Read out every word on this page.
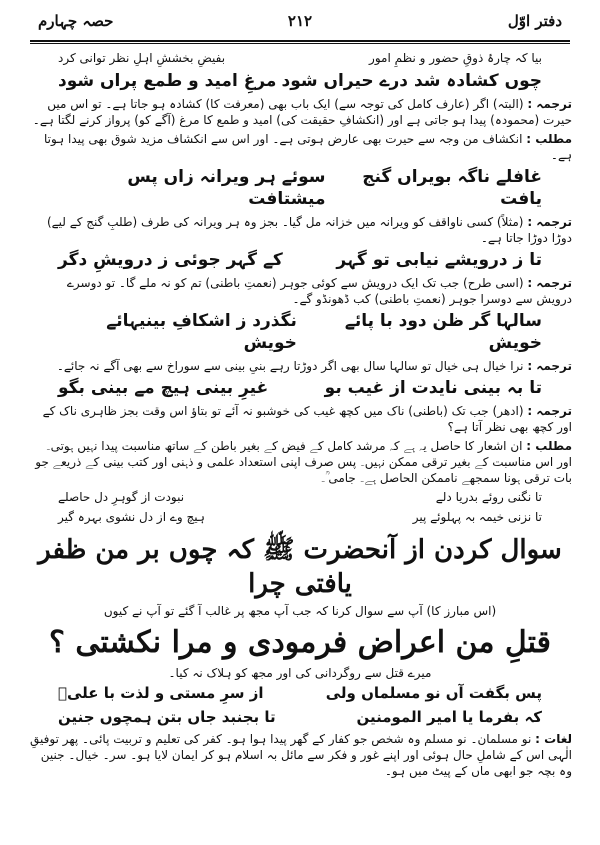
حصہ چہارم	۲۱۲	دفتر اوّل
بیا کہ چارۂ ذوقِ حضور و نظمِ امور
بفیضِ بخششِ اہلِ نظر توانی کرد
چوں کشادہ شد درے حیراں شود
مرغِ امید و طمع پراں شود

ترجمہ : (البتہ) اگر (عارف کامل کی توجہ سے) ایک باب بھی (معرفت کا) کشادہ ہو جاتا ہے۔ تو اس میں حیرت (محمودہ) پیدا ہو جاتی ہے اور (انکشافِ حقیقت کی) امید و طمع کا مرغ (آگے کو) پرواز کرنے لگتا ہے۔

مطلب : انکشاف من وجہ سے حیرت بھی عارض ہوتی ہے۔ اور اس سے انکشاف مزید شوق بھی پیدا ہوتا ہے۔

غافلے ناگہ بویراں گنج یافت
سوئے ہر ویرانہ زاں پس میشتافت

ترجمہ : (مثلاً) کسی ناواقف کو ویرانہ میں خزانہ مل گیا۔ بجز وہ ہر ویرانہ کی طرف (طلبِ گنج کے لیے) دوڑا دوڑا جاتا ہے۔

تا ز درویشے نیابی تو گہر
کے گہر جوئی ز درویشِ دگر

ترجمہ : (اسی طرح) جب تک ایک درویش سے کوئی جوہر (نعمتِ باطنی) تم کو نہ ملے گا۔ تو دوسرے درویش سے دوسرا جوہر (نعمتِ باطنی) کب ڈھونڈو گے۔

سالہا گر ظن دود با پائے خویش
نگذرد ز اشکافِ بینیہائے خویش

ترجمہ : نرا خیال ہی خیال تو سالہا سال بھی اگر دوڑتا رہے بنیِ بینی سے سوراخ سے بھی آگے نہ جائے۔

تا بہ بینی نایدت از غیب بو
غیرِ بینی ہیچ مے بینی بگو

ترجمہ : (ادھر) جب تک (باطنی) ناک میں کچھ غیب کی خوشبو نہ آئے تو بتاؤ اس وقت بجز ظاہری ناک کے اور کچھ بھی نظر آتا ہے؟

مطلب : ان اشعار کا حاصل یہ ہے کہ مرشد کامل کے فیض کے بغیر باطن کے ساتھ مناسبت پیدا نہیں ہوتی۔ اور اس مناسبت کے بغیر ترقی ممکن نہیں۔ پس صرف اپنی استعداد علمی و ذہنی اور کتب بینی کے ذریعے جو بات ترقی ہونا سمجھے ناممکن الحاصل ہے۔ جامی ؒ۔

تا نگنی روئے بدریا دلے
نبودت از گوہرِ دل حاصلے
تا نزنی خیمہ بہ پہلوئے پیر
ہیچ وے از دل نشوی بہرہ گیر
سوال کردن از آنحضرت ﷺ کہ چوں بر من ظفر یافتی چرا
(اس مبارز کا) آپ سے سوال کرنا کہ جب آپ مجھ پر غالب آ گئے تو آپ نے کیوں
قتلِ من اعراض فرمودی و مرا نکشتی ؟
میرے قتل سے روگردانی کی اور مجھ کو ہلاک نہ کیا۔
پس بگفت آں نو مسلماں ولی
از سرِ مستی و لذت با علیؓ
کہ بفرما یا امیر المومنین
تا بجنبد جاں بتن ہمچوں جنین

لغات : نو مسلمان۔ نو مسلم وہ شخص جو کفار کے گھر پیدا ہوا ہو۔ کفر کی تعلیم و تربیت پائی۔ پھر توفیقِ الٰہی اس کے شاملِ حال ہوئی اور اپنے غور و فکر سے مائل بہ اسلام ہو کر ایمان لایا ہو۔ سر۔ خیال۔ جنین وہ بچہ جو ابھی ماں کے پیٹ میں ہو۔
